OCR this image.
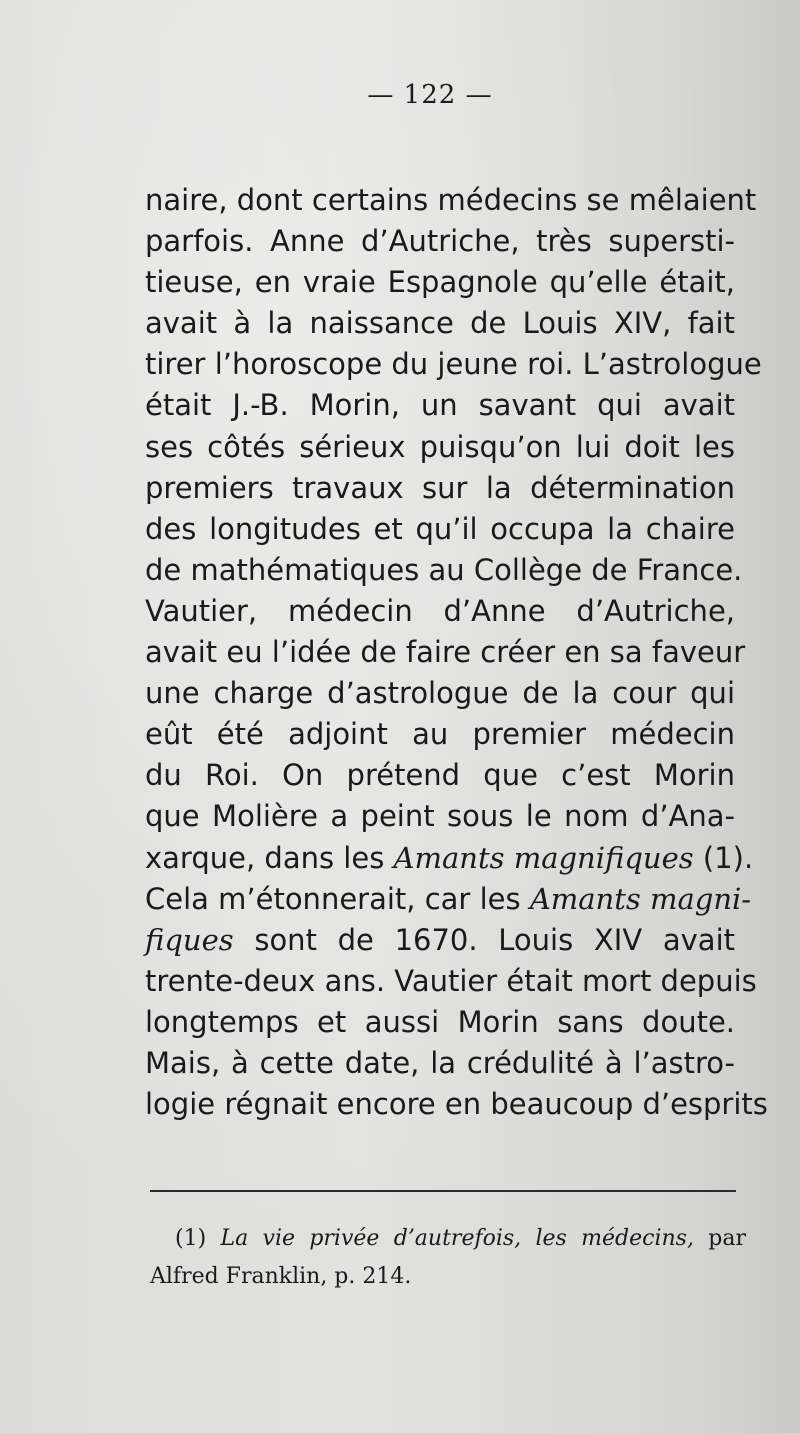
— 122 —
naire, dont certains médecins se mêlaient
parfois. Anne d’Autriche, très supersti-
tieuse, en vraie Espagnole qu’elle était,
avait à la naissance de Louis XIV, fait
tirer l’horoscope du jeune roi. L’astrologue
était J.-B. Morin, un savant qui avait
ses côtés sérieux puisqu’on lui doit les
premiers travaux sur la détermination
des longitudes et qu’il occupa la chaire
de mathématiques au Collège de France.
Vautier, médecin d’Anne d’Autriche,
avait eu l’idée de faire créer en sa faveur
une charge d’astrologue de la cour qui
eût été adjoint au premier médecin
du Roi. On prétend que c’est Morin
que Molière a peint sous le nom d’Ana-
xarque, dans les Amants magnifiques (1).
Cela m’étonnerait, car les Amants magni-
fiques sont de 1670. Louis XIV avait
trente-deux ans. Vautier était mort depuis
longtemps et aussi Morin sans doute.
Mais, à cette date, la crédulité à l’astro-
logie régnait encore en beaucoup d’esprits
(1) La vie privée d’autrefois, les médecins, par
Alfred Franklin, p. 214.
